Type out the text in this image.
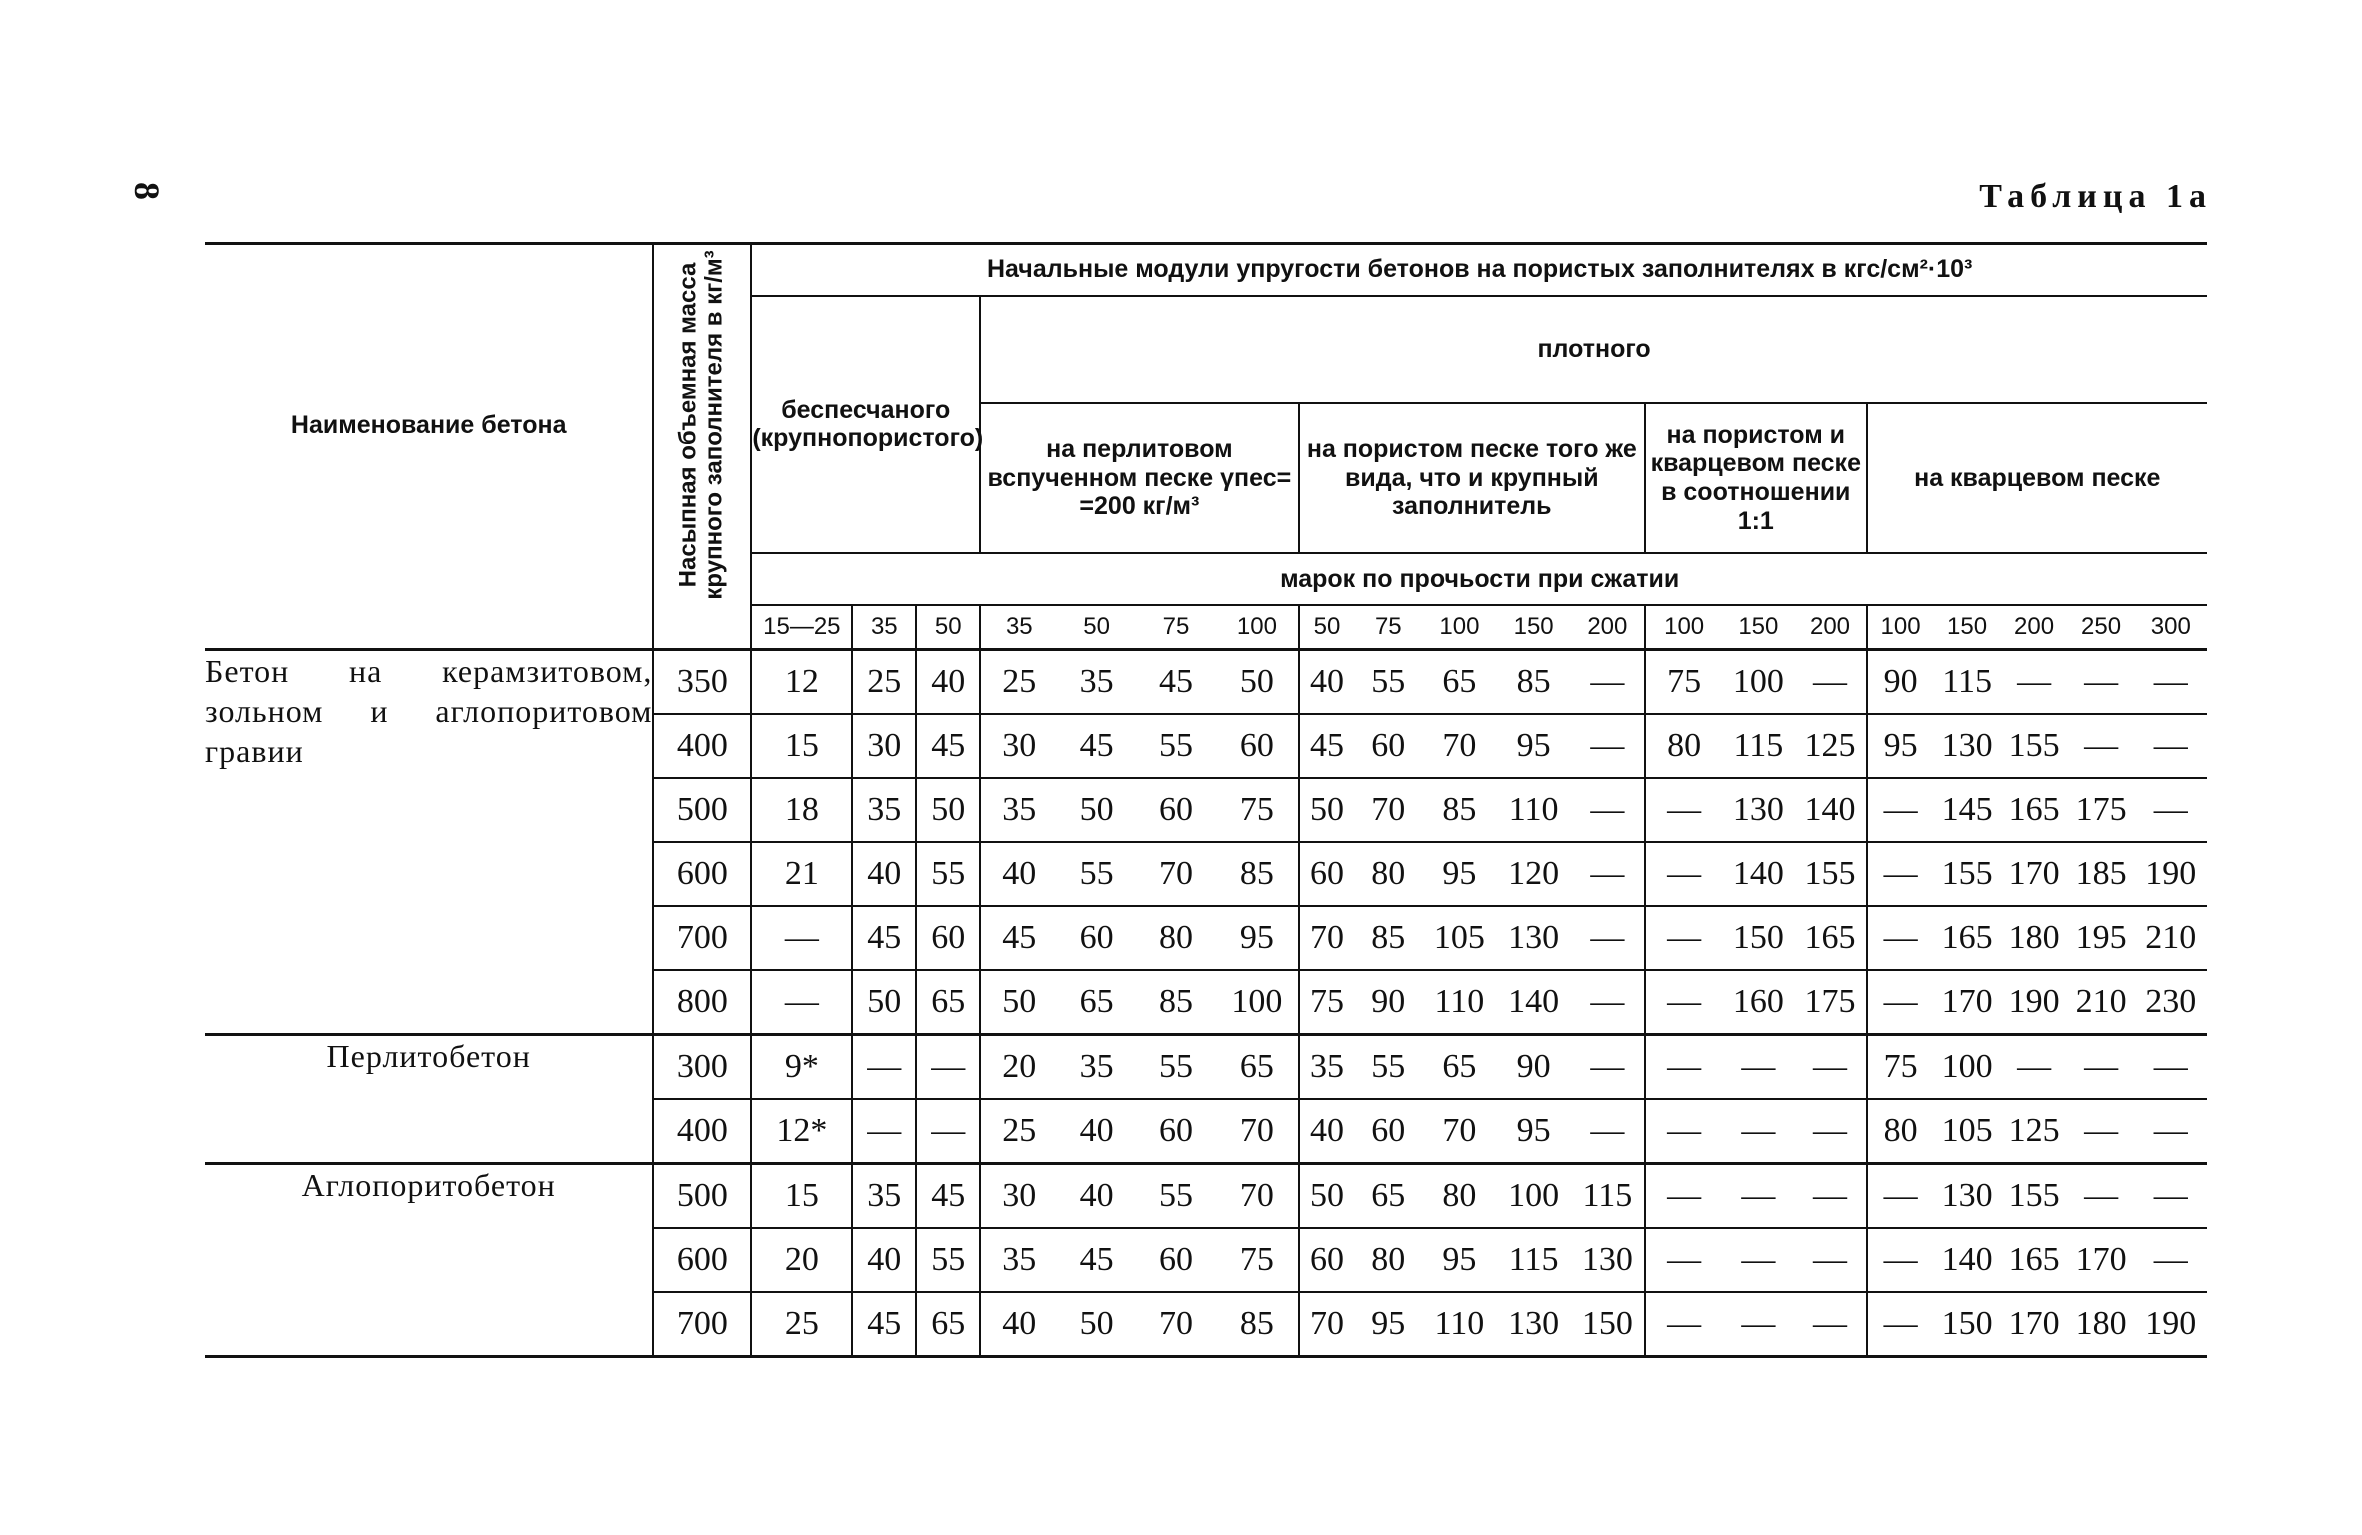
8	Таблица 1а
Наименование бетона	Насыпная объемная масса крупного заполнителя в кг/м³	Начальные модули упругости бетонов на пористых заполнителях в кгс/см²·10³																			
		беспесчаного (крупнопористого)			плотного																
					на перлитовом вспученном песке γпес= =200 кг/м³				на пористом песке того же вида, что и крупный заполнитель					на пористом и кварцевом песке в соотношении 1:1			на кварцевом песке				
		марок по прочьости при сжатии																			
		15—25	35	50	35	50	75	100	50	75	100	150	200	100	150	200	100	150	200	250	300
Бетон на керамзитовом, зольном и аглопоритовом гравии	350	12	25	40	25	35	45	50	40	55	65	85	—	75	100	—	90	115	—	—	—
	400	15	30	45	30	45	55	60	45	60	70	95	—	80	115	125	95	130	155	—	—
	500	18	35	50	35	50	60	75	50	70	85	110	—	—	130	140	—	145	165	175	—
	600	21	40	55	40	55	70	85	60	80	95	120	—	—	140	155	—	155	170	185	190
	700	—	45	60	45	60	80	95	70	85	105	130	—	—	150	165	—	165	180	195	210
	800	—	50	65	50	65	85	100	75	90	110	140	—	—	160	175	—	170	190	210	230
Перлитобетон	300	9*	—	—	20	35	55	65	35	55	65	90	—	—	—	—	75	100	—	—	—
	400	12*	—	—	25	40	60	70	40	60	70	95	—	—	—	—	80	105	125	—	—
Аглопоритобетон	500	15	35	45	30	40	55	70	50	65	80	100	115	—	—	—	—	130	155	—	—
	600	20	40	55	35	45	60	75	60	80	95	115	130	—	—	—	—	140	165	170	—
	700	25	45	65	40	50	70	85	70	95	110	130	150	—	—	—	—	150	170	180	190
